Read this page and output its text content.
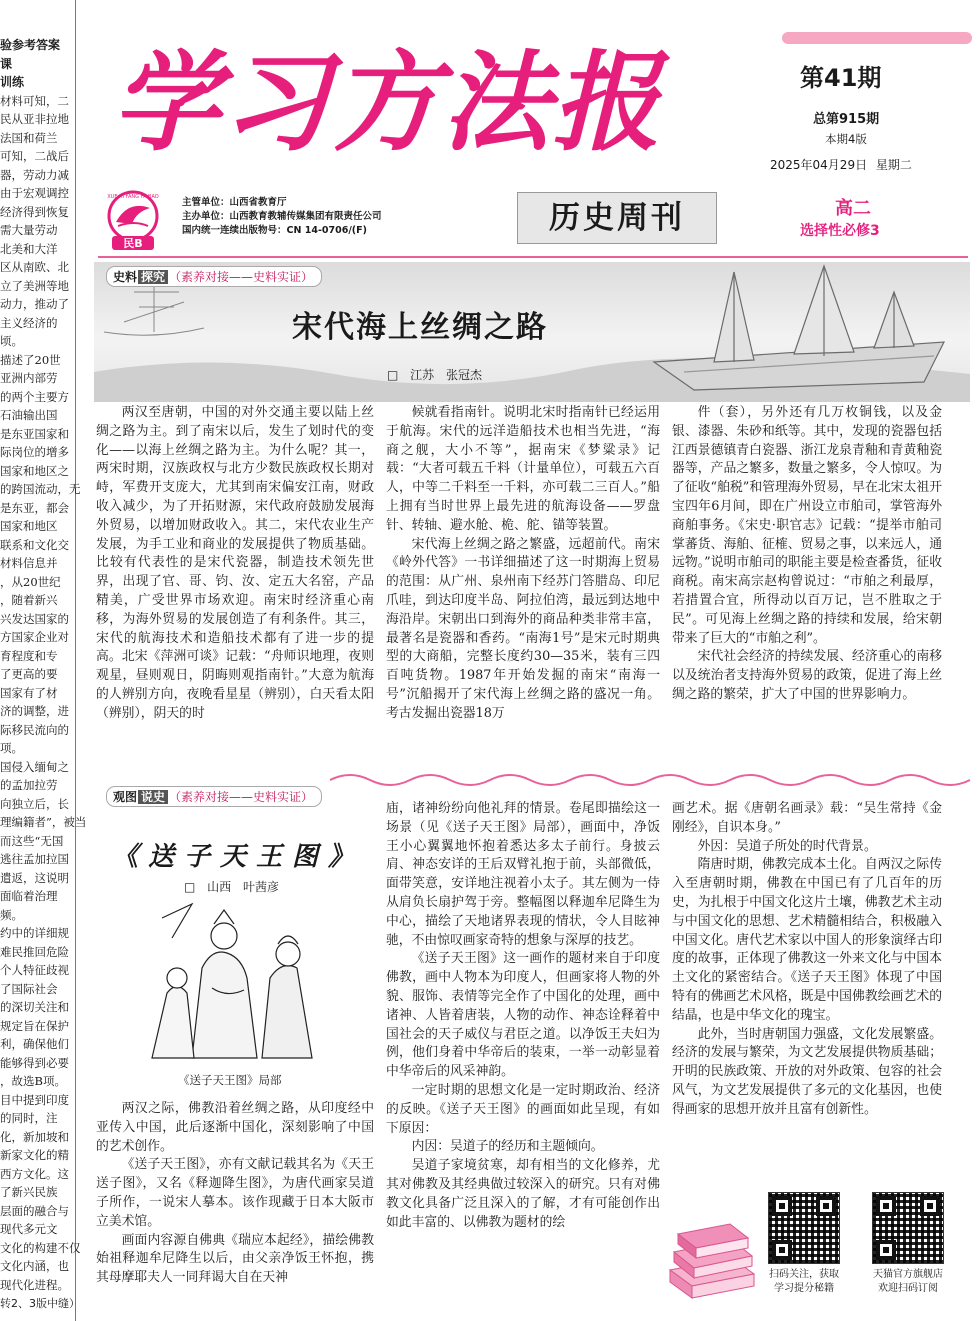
验参考答案
课
训练
材料可知，二
民从亚非拉地
法国和荷兰
可知，二战后
器，劳动力减
由于宏观调控
经济得到恢复
需大量劳动
北美和大洋
区从南欧、北
立了美洲等地
动力，推动了
主义经济的
顷。
描述了20世
亚洲内部劳
的两个主要方
石油输出国
是东亚国家和
际岗位的增多
国家和地区之
的跨国流动，无
是东亚，都会
国家和地区
联系和文化交
材料信息并
，从20世纪
，随着新兴
兴发达国家的
方国家企业对
育程度和专
了更高的要
国家有了材
济的调整，进
际移民流向的
项。
国侵入缅甸之
的孟加拉劳
向独立后，长
理编籍者”，被当
而这些“无国
逃往孟加拉国
遣返，这说明
面临着治理
频。
约中的详细规
难民推回危险
个人特征歧视
了国际社会
的深切关注和
规定旨在保护
利，确保他们
能够得到必要
，故选B项。
目中提到印度
的同时，注
化，新加坡和
新家文化的精
西方文化。这
了新兴民族
层面的融合与
现代多元文
文化的构建不仅
文化内涵，也
现代化进程。
转2、3版中缝）
学习方法报	第41期
总第915期
本期4版
2025年04月29日 星期二
民B
XUE XI FANG FA BAO 主管单位：山西省教育厅
主办单位：山西教育教辅传媒集团有限责任公司
国内统一连续出版物号：CN 14-0706/(F)	历史周刊	高二
选择性必修3
史料 探究 （素养对接——史料实证）
宋代海上丝绸之路
□ 江苏 张冠杰

两汉至唐朝，中国的对外交通主要以陆上丝绸之路为主。到了南宋以后，发生了划时代的变化——以海上丝绸之路为主。为什么呢？其一，两宋时期，汉族政权与北方少数民族政权长期对峙，军费开支庞大，尤其到南宋偏安江南，财政收入减少，为了开拓财源，宋代政府鼓励发展海外贸易，以增加财政收入。其二，宋代农业生产发展，为手工业和商业的发展提供了物质基础。比较有代表性的是宋代瓷器，制造技术领先世界，出现了官、哥、钧、汝、定五大名窑，产品精美，广受世界市场欢迎。南宋时经济重心南移，为海外贸易的发展创造了有利条件。其三，宋代的航海技术和造船技术都有了进一步的提高。北宋《萍洲可谈》记载：“舟师识地理，夜则观星，昼则观日，阴晦则观指南针。”大意为航海的人辨别方向，夜晚看星星（辨别），白天看太阳（辨别），阴天的时

候就看指南针。说明北宋时指南针已经运用于航海。宋代的远洋造船技术也相当先进，“海商之舰，大小不等”，据南宋《梦粱录》记载：“大者可载五千料（计量单位），可载五六百人，中等二千料至一千料，亦可载二三百人。”船上拥有当时世界上最先进的航海设备——罗盘针、转轴、避水舱、桅、舵、锚等装置。

宋代海上丝绸之路之繁盛，远超前代。南宋《岭外代答》一书详细描述了这一时期海上贸易的范围：从广州、泉州南下经苏门答腊岛、印尼爪哇，到达印度半岛、阿拉伯湾，最远到达地中海沿岸。宋朝出口到海外的商品种类非常丰富，最著名是瓷器和香药。“南海1号”是宋元时期典型的大商船，完整长度约30—35米，装有三四百吨货物。1987年开始发掘的南宋“南海一号”沉船揭开了宋代海上丝绸之路的盛况一角。考古发掘出瓷器18万

件（套），另外还有几万枚铜钱，以及金银、漆器、朱砂和纸等。其中，发现的瓷器包括江西景德镇青白瓷器、浙江龙泉青釉和青黄釉瓷器等，产品之繁多，数量之繁多，令人惊叹。为了征收“舶税”和管理海外贸易，早在北宋太祖开宝四年6月间，即在广州设立市舶司，掌管海外商舶事务。《宋史·职官志》记载：“提举市舶司掌蕃货、海舶、征榷、贸易之事，以来远人，通远物。”说明市舶司的职能主要是检查番货，征收商税。南宋高宗赵构曾说过：“市舶之利最厚，若措置合宜，所得动以百万记，岂不胜取之于民”。可见海上丝绸之路的持续和发展，给宋朝带来了巨大的“市舶之利”。

宋代社会经济的持续发展、经济重心的南移以及统治者支持海外贸易的政策，促进了海上丝绸之路的繁荣，扩大了中国的世界影响力。

观图 说史 （素养对接——史料实证）
《送子天王图》
□ 山西 叶茜彦
《送子天王图》局部

两汉之际，佛教沿着丝绸之路，从印度经中亚传入中国，此后逐渐中国化，深刻影响了中国的艺术创作。

《送子天王图》，亦有文献记载其名为《天王送子图》，又名《释迦降生图》，为唐代画家吴道子所作，一说宋人摹本。该作现藏于日本大阪市立美术馆。

画面内容源自佛典《瑞应本起经》，描绘佛教始祖释迦牟尼降生以后，由父亲净饭王怀抱，携其母摩耶夫人一同拜谒大自在天神

庙，诸神纷纷向他礼拜的情景。卷尾即描绘这一场景（见《送子天王图》局部），画面中，净饭王小心翼翼地怀抱着悉达多太子前行。身披云肩、神态安详的王后双臂礼抱于前，头部微低，面带笑意，安详地注视着小太子。其左侧为一侍从肩负长扇护驾于旁。整幅图以释迦牟尼降生为中心，描绘了天地诸界表现的情状，令人目眩神驰，不由惊叹画家奇特的想象与深厚的技艺。

《送子天王图》这一画作的题材来自于印度佛教，画中人物本为印度人，但画家将人物的外貌、服饰、表情等完全作了中国化的处理，画中诸神、人皆着唐装，人物的动作、神态诠释着中国社会的天子威仪与君臣之道。以净饭王夫妇为例，他们身着中华帝后的装束，一举一动彰显着中华帝后的风采神韵。

一定时期的思想文化是一定时期政治、经济的反映。《送子天王图》的画面如此呈现，有如下原因：

内因：吴道子的经历和主题倾向。

吴道子家境贫寒，却有相当的文化修养，尤其对佛教及其经典做过较深入的研究。只有对佛教文化具备广泛且深入的了解，才有可能创作出如此丰富的、以佛教为题材的绘

画艺术。据《唐朝名画录》载：“吴生常持《金刚经》，自识本身。”

外因：吴道子所处的时代背景。

隋唐时期，佛教完成本土化。自两汉之际传入至唐朝时期，佛教在中国已有了几百年的历史，为扎根于中国文化这片土壤，佛教艺术主动与中国文化的思想、艺术精髓相结合，积极融入中国文化。唐代艺术家以中国人的形象演绎古印度的故事，正体现了佛教这一外来文化与中国本土文化的紧密结合。《送子天王图》体现了中国特有的佛画艺术风格，既是中国佛教绘画艺术的结晶，也是中华文化的瑰宝。

此外，当时唐朝国力强盛，文化发展繁盛。经济的发展与繁荣，为文艺发展提供物质基础；开明的民族政策、开放的对外政策、包容的社会风气，为文艺发展提供了多元的文化基因，也使得画家的思想开放并且富有创新性。

扫码关注，获取
学习提分秘籍
天猫官方旗舰店
欢迎扫码订阅
